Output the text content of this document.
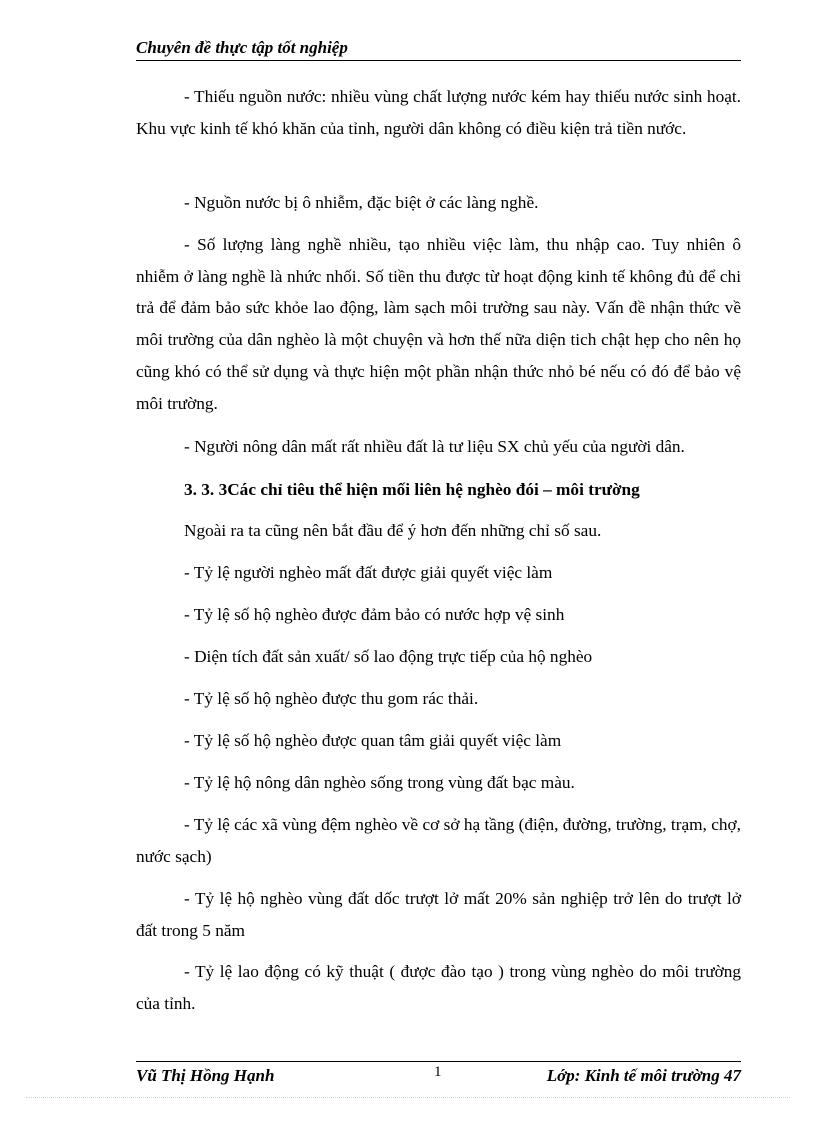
Chuyên đề thực tập tốt nghiệp
- Thiếu nguồn nước: nhiều vùng chất lượng nước kém hay thiếu nước sinh hoạt. Khu vực kinh tế khó khăn của tỉnh, người dân không có điều kiện trả tiền nước.
- Nguồn nước bị ô nhiễm, đặc biệt ở các làng nghề.
- Số lượng làng nghề nhiều, tạo nhiều việc làm, thu nhập cao. Tuy nhiên ô nhiễm ở làng nghề là nhức nhối. Số tiền thu được từ hoạt động kinh tế không đủ để chi trả để đảm bảo sức khỏe lao động, làm sạch môi trường sau này. Vấn đề nhận thức về môi trường của dân nghèo là một chuyện và hơn thế nữa diện tich chật hẹp cho nên họ cũng khó có thể sử dụng và thực hiện một phần nhận thức nhỏ bé nếu có đó để bảo vệ môi trường.
- Người nông dân mất rất nhiều đất là tư liệu SX chủ yếu của người dân.
3. 3. 3Các chỉ tiêu thể hiện mối liên hệ nghèo đói – môi trường
Ngoài ra ta cũng nên bắt đầu để ý hơn đến những chỉ số sau.
- Tỷ lệ người nghèo mất đất được giải quyết việc làm
- Tỷ lệ số hộ nghèo được đảm bảo có nước hợp vệ sinh
- Diện tích đất sản xuất/ số lao động trực tiếp của hộ nghèo
- Tỷ lệ số hộ nghèo được thu gom rác thải.
- Tỷ lệ số hộ nghèo được quan tâm giải quyết việc làm
- Tỷ lệ hộ nông dân nghèo sống trong vùng đất bạc màu.
- Tỷ lệ các xã vùng đệm nghèo về cơ sở hạ tầng (điện, đường, trường, trạm, chợ, nước sạch)
- Tỷ lệ hộ nghèo vùng đất dốc trượt lở mất 20% sản nghiệp trở lên do trượt lở đất trong 5 năm
- Tỷ lệ lao động có kỹ thuật ( được đào tạo ) trong vùng nghèo do môi trường của tỉnh.
Vũ Thị Hồng Hạnh	1	Lớp: Kinh tế môi trường 47
